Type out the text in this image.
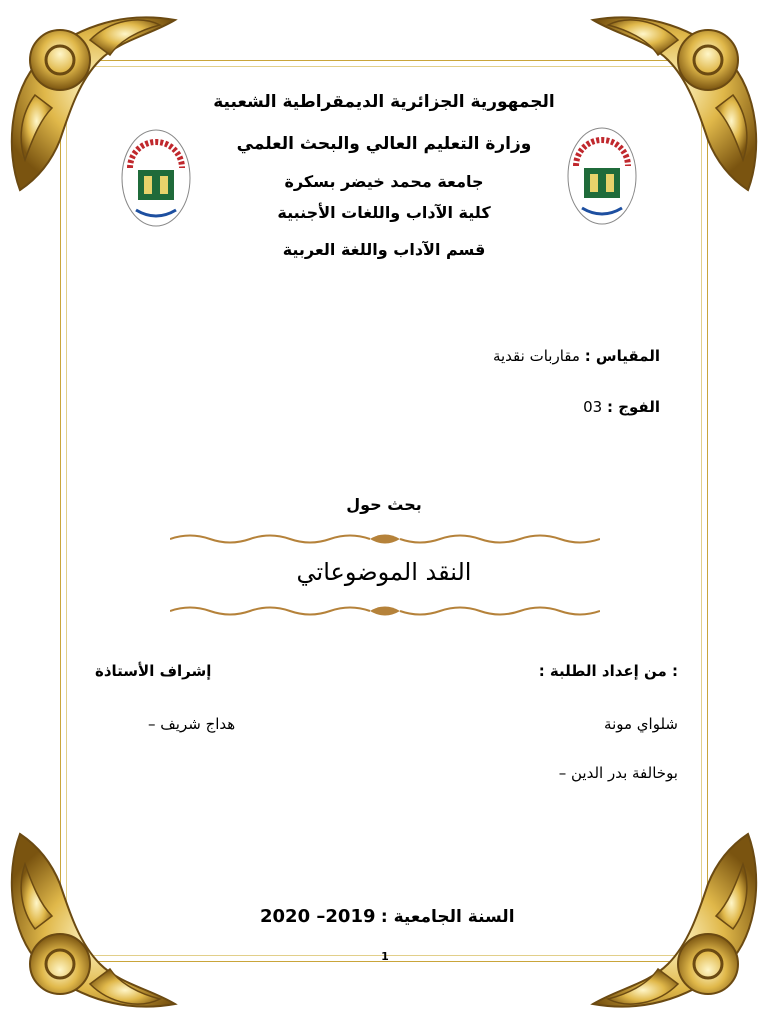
الجمهورية الجزائرية الديمقراطية الشعبية
وزارة التعليم العالي والبحث العلمي
جامعة محمد خيضر بسكرة
كلية الآداب واللغات الأجنبية
قسم الآداب واللغة العربية
المقياس : مقاربات نقدية
الفوج : 03
بحث حول
النقد الموضوعاتي
: من إعداد الطلبة :
إشراف الأستاذة
شلواي مونة
هداج شريف –
بوخالفة بدر الدين –
السنة الجامعية : 2019– 2020
1
